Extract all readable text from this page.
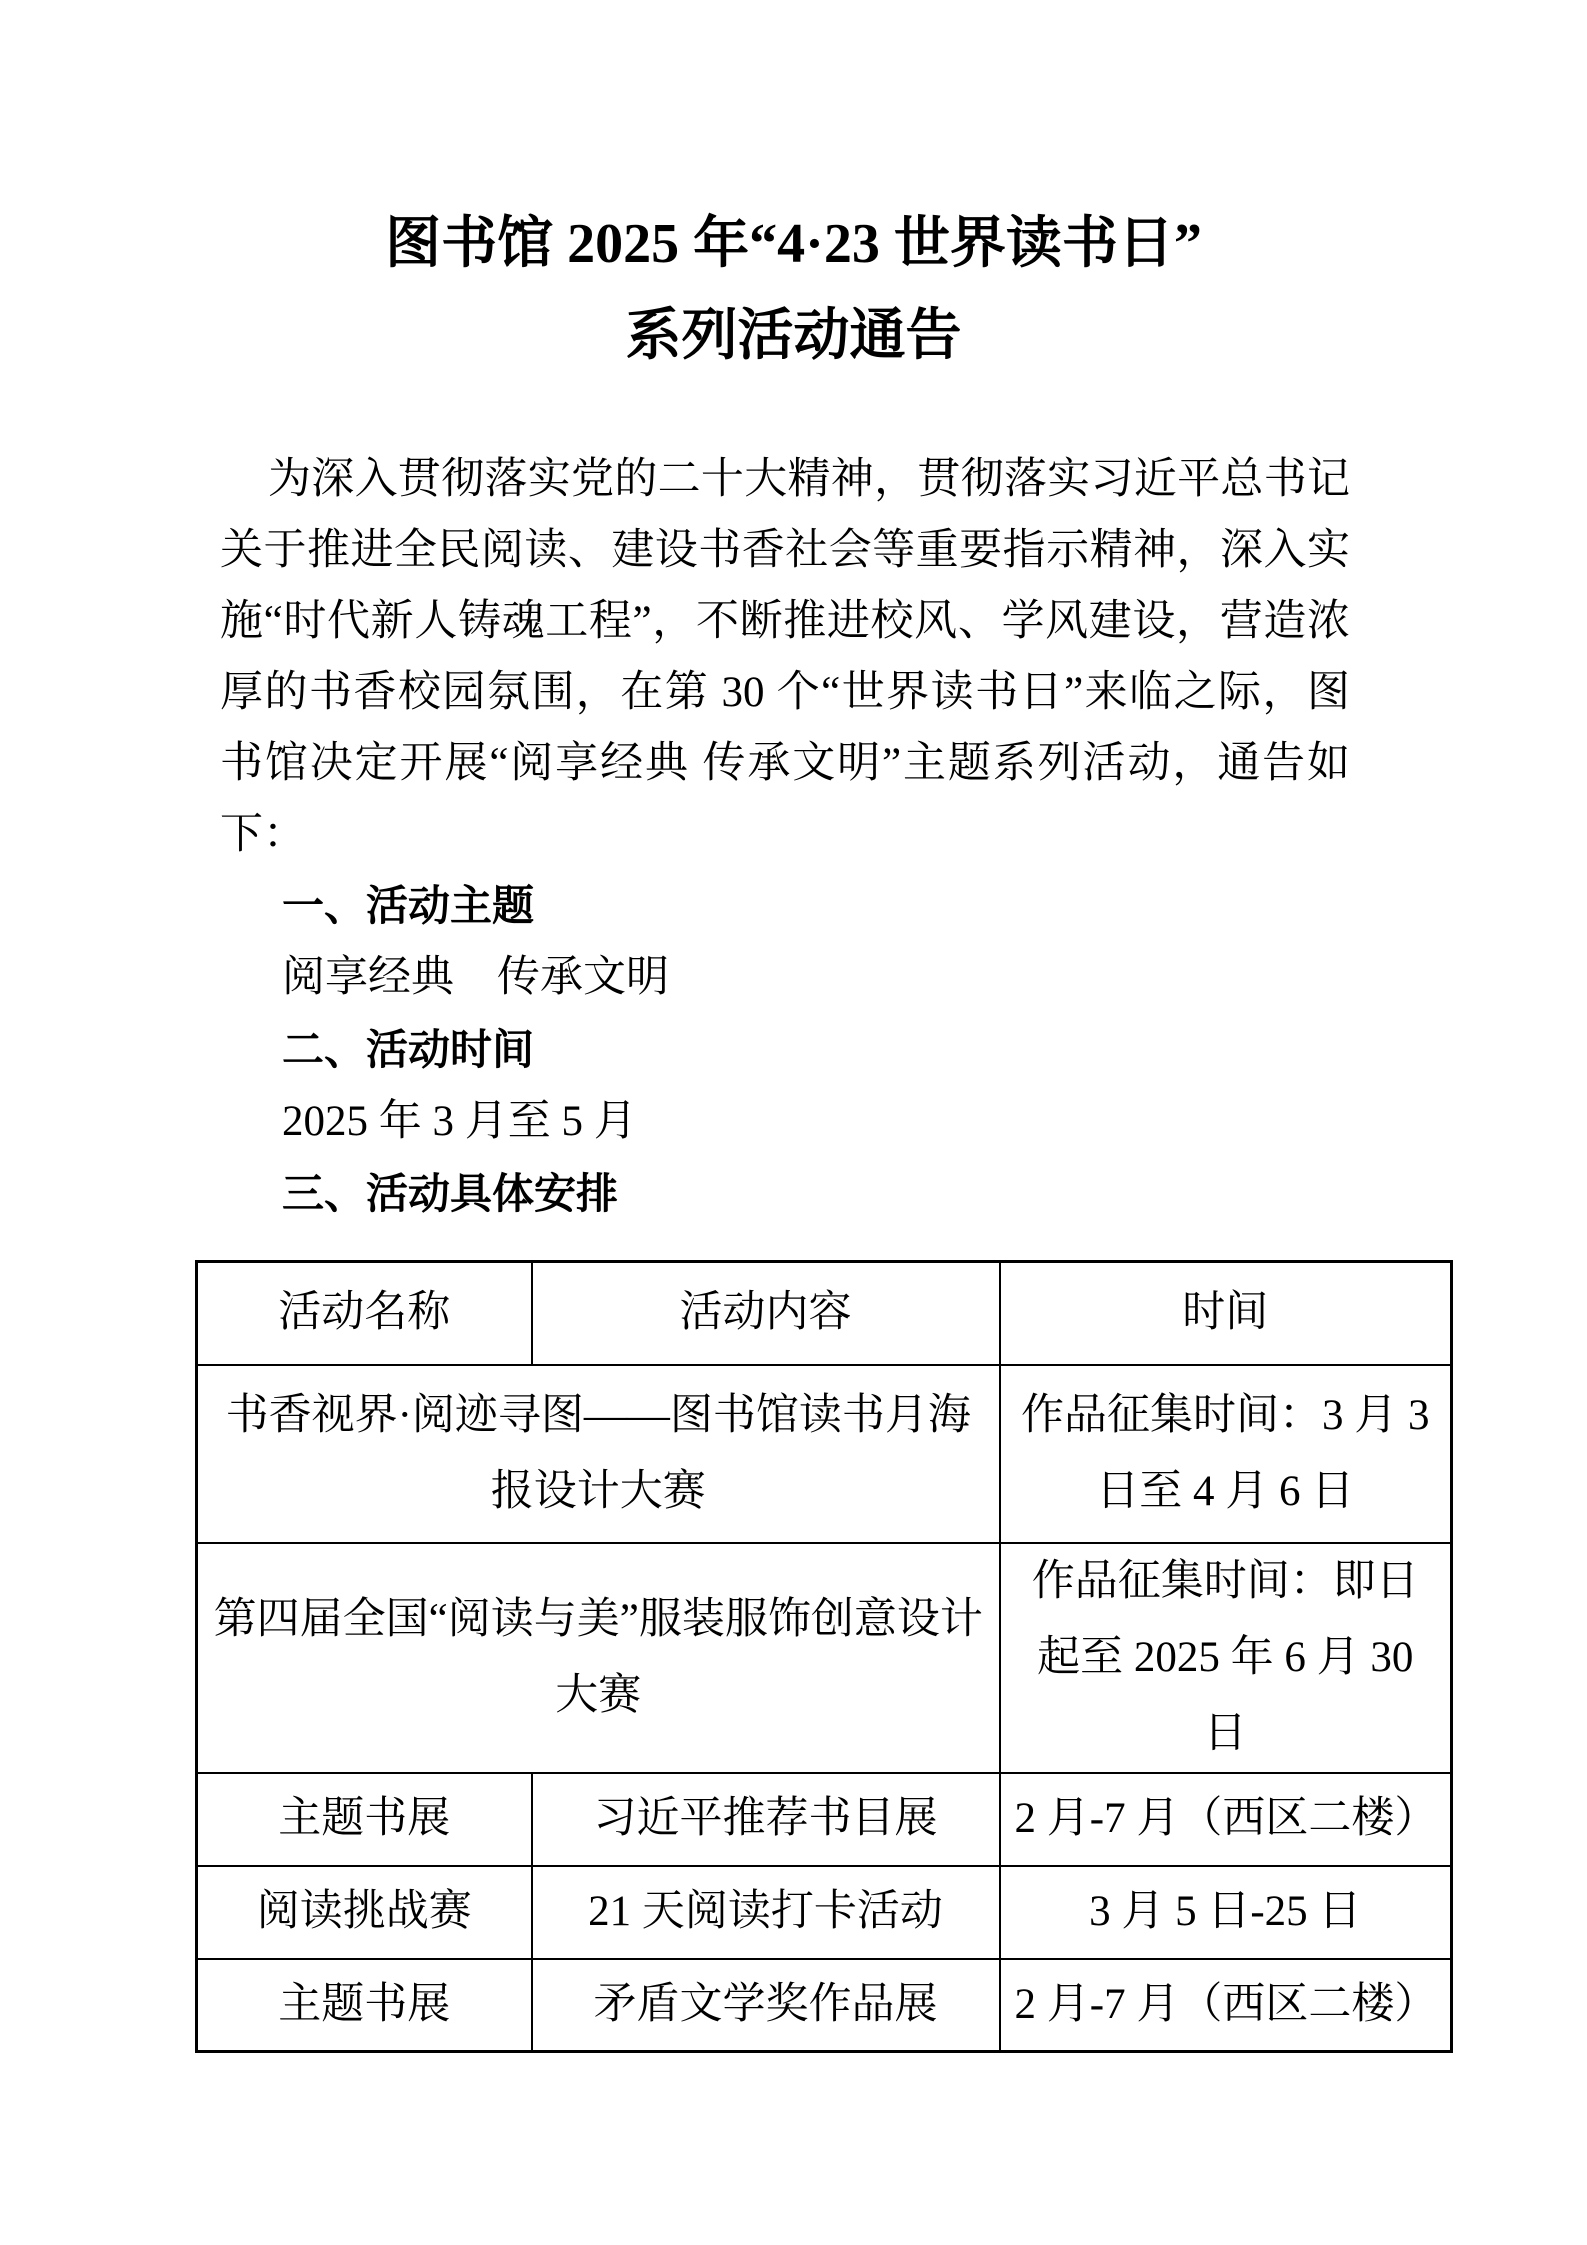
图书馆 2025 年“4·23 世界读书日”
系列活动通告

为深入贯彻落实党的二十大精神，贯彻落实习近平总书记关于推进全民阅读、建设书香社会等重要指示精神，深入实施“时代新人铸魂工程”，不断推进校风、学风建设，营造浓厚的书香校园氛围，在第 30 个“世界读书日”来临之际，图书馆决定开展“阅享经典 传承文明”主题系列活动，通告如下：

一、活动主题
阅享经典　传承文明
二、活动时间
2025 年 3 月至 5 月
三、活动具体安排
活动名称	活动内容	时间
书香视界·阅迹寻图——图书馆读书月海报设计大赛		作品征集时间：3 月 3 日至 4 月 6 日
第四届全国“阅读与美”服装服饰创意设计大赛		作品征集时间：即日起至 2025 年 6 月 30 日
主题书展	习近平推荐书目展	2 月-7 月（西区二楼）
阅读挑战赛	21 天阅读打卡活动	3 月 5 日-25 日
主题书展	矛盾文学奖作品展	2 月-7 月（西区二楼）
